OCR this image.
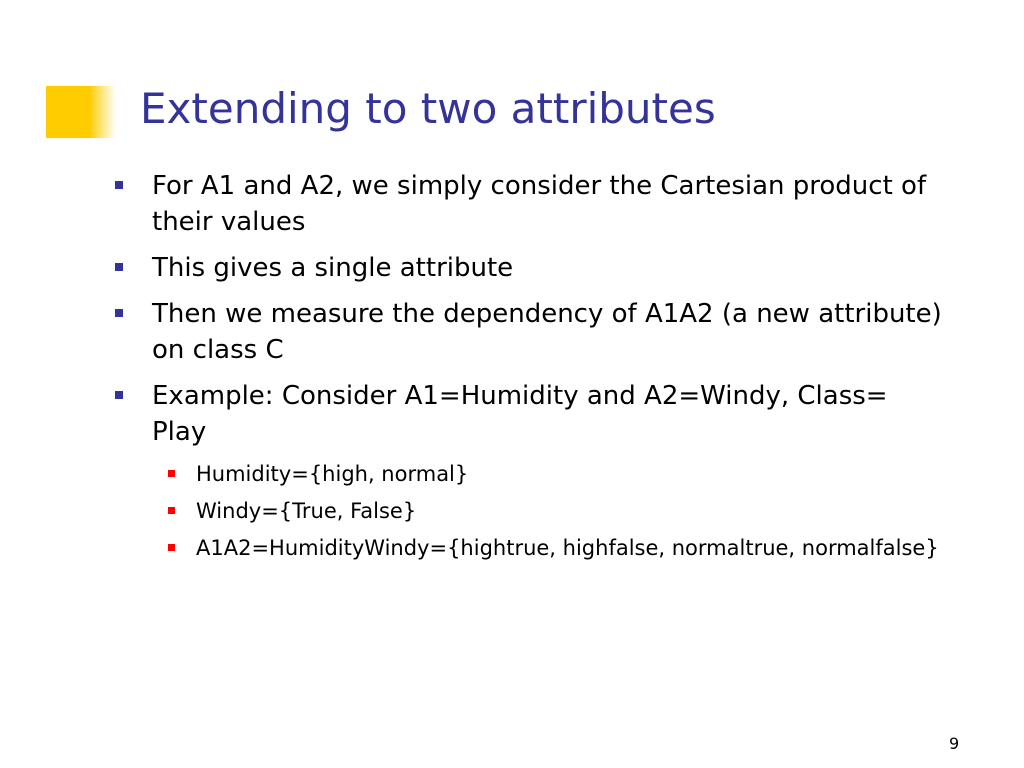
Extending to two attributes
For A1 and A2, we simply consider the Cartesian product of their values
This gives a single attribute
Then we measure the dependency of A1A2 (a new attribute) on class C
Example: Consider A1=Humidity and A2=Windy, Class= Play
Humidity={high, normal}
Windy={True, False}
A1A2=HumidityWindy={hightrue, highfalse, normaltrue, normalfalse}
9
